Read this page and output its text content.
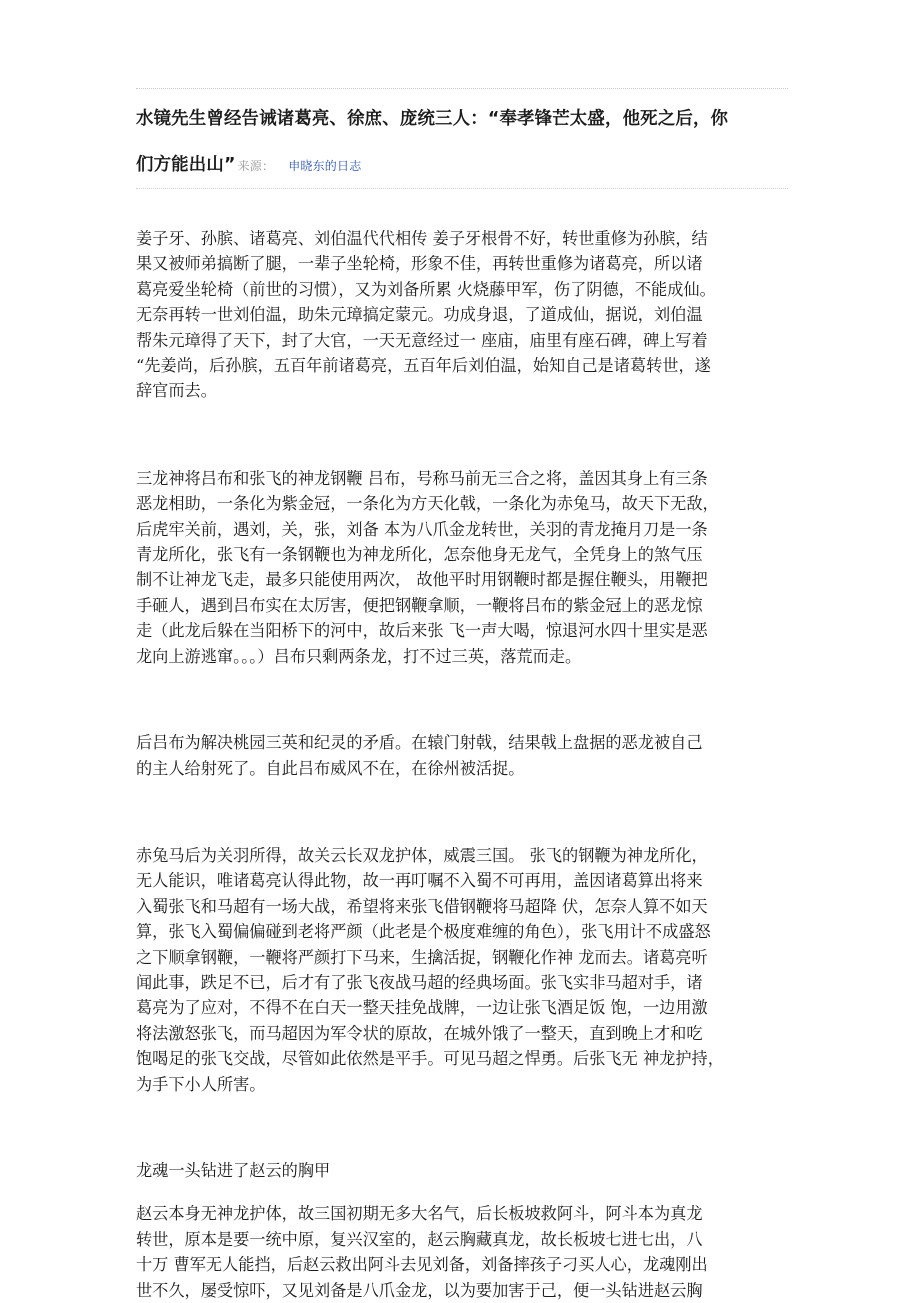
水镜先生曾经告诫诸葛亮、徐庶、庞统三人：“奉孝锋芒太盛，他死之后，你
们方能出山” 来源： 申晓东的日志

姜子牙、孙膑、诸葛亮、刘伯温代代相传 姜子牙根骨不好，转世重修为孙膑，结
果又被师弟搞断了腿，一辈子坐轮椅，形象不佳，再转世重修为诸葛亮，所以诸
葛亮爱坐轮椅（前世的习惯），又为刘备所累 火烧藤甲军，伤了阴德，不能成仙。
无奈再转一世刘伯温，助朱元璋搞定蒙元。功成身退，了道成仙，据说，刘伯温
帮朱元璋得了天下，封了大官，一天无意经过一 座庙，庙里有座石碑，碑上写着
“先姜尚，后孙膑，五百年前诸葛亮，五百年后刘伯温，始知自己是诸葛转世，遂
辞官而去。

三龙神将吕布和张飞的神龙钢鞭 吕布，号称马前无三合之将，盖因其身上有三条
恶龙相助，一条化为紫金冠，一条化为方天化戟，一条化为赤兔马，故天下无敌，
后虎牢关前，遇刘，关，张，刘备 本为八爪金龙转世，关羽的青龙掩月刀是一条
青龙所化，张飞有一条钢鞭也为神龙所化，怎奈他身无龙气，全凭身上的煞气压
制不让神龙飞走，最多只能使用两次， 故他平时用钢鞭时都是握住鞭头，用鞭把
手砸人，遇到吕布实在太厉害，便把钢鞭拿顺，一鞭将吕布的紫金冠上的恶龙惊
走（此龙后躲在当阳桥下的河中，故后来张 飞一声大喝，惊退河水四十里实是恶
龙向上游逃窜。。。）吕布只剩两条龙，打不过三英，落荒而走。

后吕布为解决桃园三英和纪灵的矛盾。在辕门射戟，结果戟上盘据的恶龙被自己
的主人给射死了。自此吕布威风不在，在徐州被活捉。

赤兔马后为关羽所得，故关云长双龙护体，威震三国。 张飞的钢鞭为神龙所化，
无人能识，唯诸葛亮认得此物，故一再叮嘱不入蜀不可再用，盖因诸葛算出将来
入蜀张飞和马超有一场大战，希望将来张飞借钢鞭将马超降 伏，怎奈人算不如天
算，张飞入蜀偏偏碰到老将严颜（此老是个极度难缠的角色），张飞用计不成盛怒
之下顺拿钢鞭，一鞭将严颜打下马来，生擒活捉，钢鞭化作神 龙而去。诸葛亮听
闻此事，跌足不已，后才有了张飞夜战马超的经典场面。张飞实非马超对手，诸
葛亮为了应对，不得不在白天一整天挂免战牌，一边让张飞酒足饭 饱，一边用激
将法激怒张飞，而马超因为军令状的原故，在城外饿了一整天，直到晚上才和吃
饱喝足的张飞交战，尽管如此依然是平手。可见马超之悍勇。后张飞无 神龙护持，
为手下小人所害。

龙魂一头钻进了赵云的胸甲

赵云本身无神龙护体，故三国初期无多大名气，后长板坡救阿斗，阿斗本为真龙
转世，原本是要一统中原，复兴汉室的，赵云胸藏真龙，故长板坡七进七出，八
十万 曹军无人能挡，后赵云救出阿斗去见刘备，刘备摔孩子刁买人心，龙魂刚出
世不久，屡受惊吓，又见刘备是八爪金龙，以为要加害于己，便一头钻进赵云胸
